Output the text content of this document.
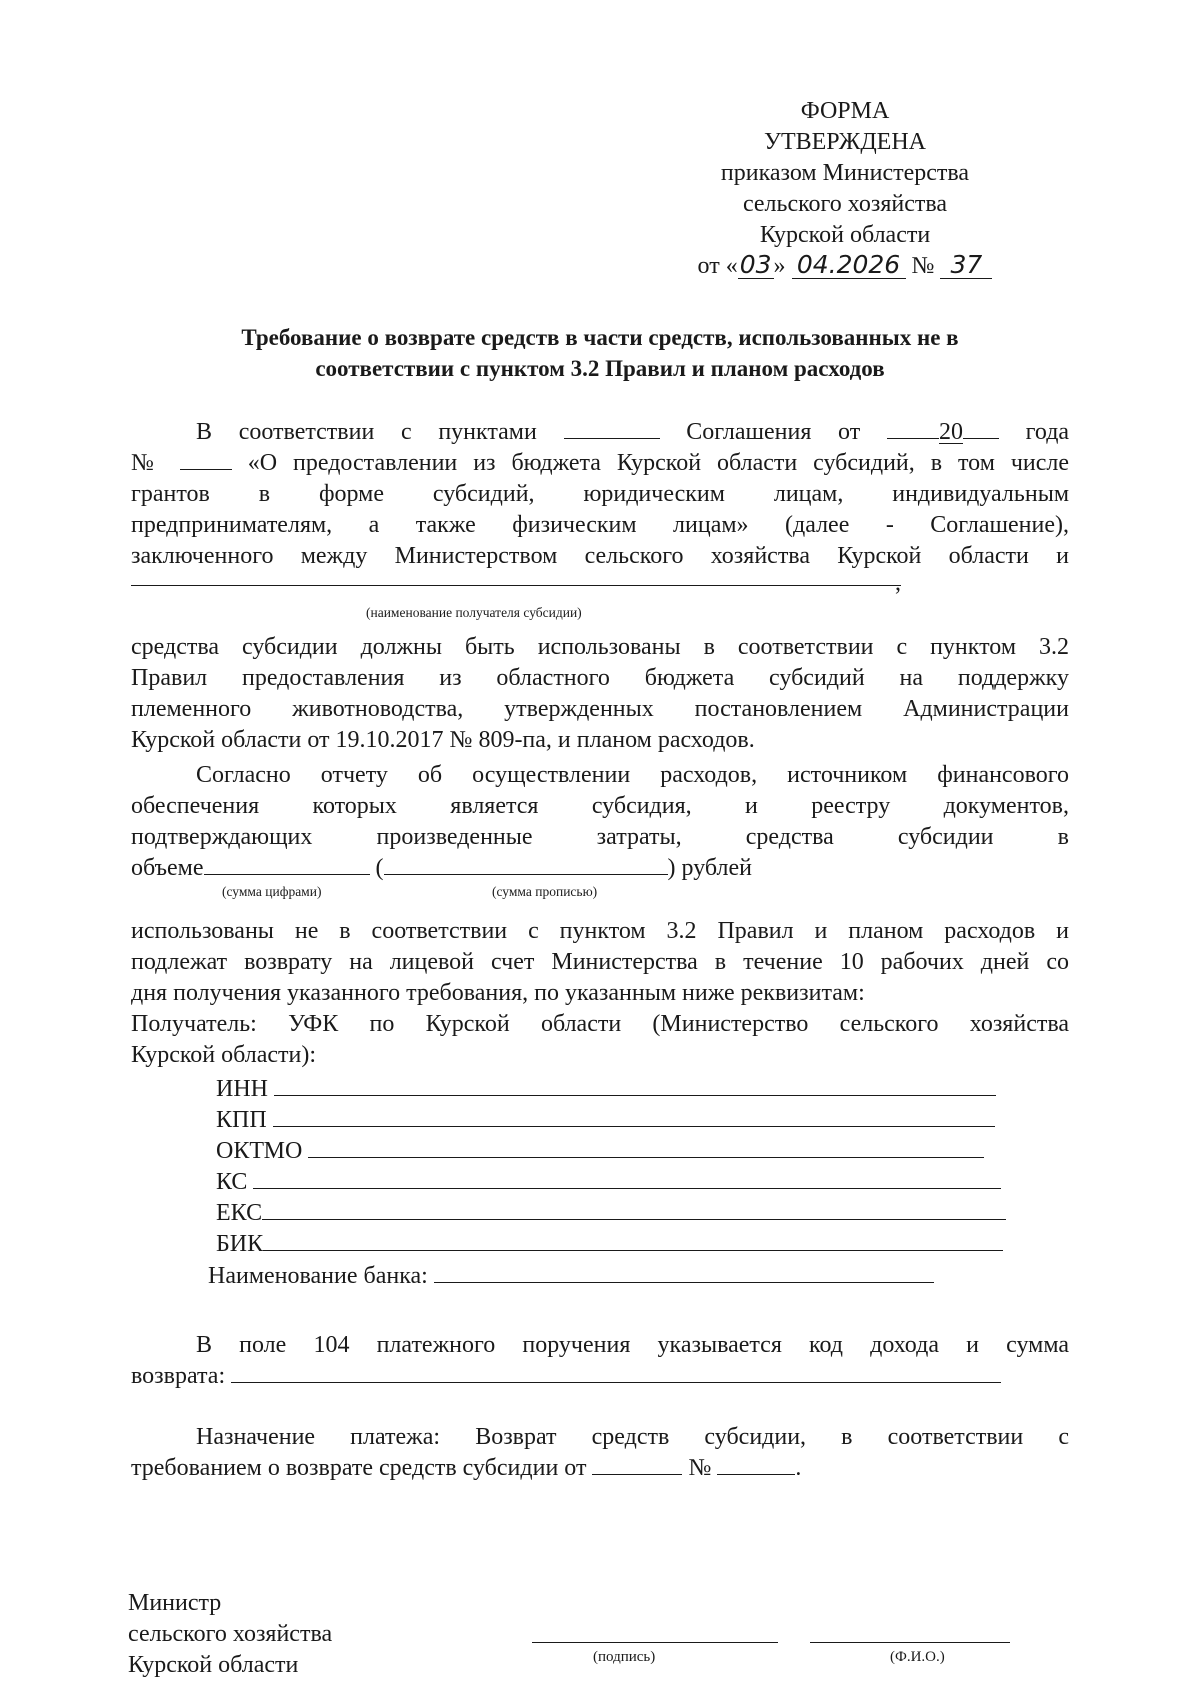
ФОРМА
УТВЕРЖДЕНА
приказом Министерства
сельского хозяйства
Курской области
от «03» 04.2026 № 37
Требование о возврате средств в части средств, использованных не в
соответствии с пунктом 3.2 Правил и планом расходов
В соответствии с пунктами	Соглашения от	20	года
№	«О предоставлении из бюджета Курской области субсидий, в том числе
грантов в форме субсидий, юридическим лицам, индивидуальным
предпринимателям, а также физическим лицам» (далее - Соглашение),
заключенного между Министерством сельского хозяйства Курской области и
,
(наименование получателя субсидии)
средства субсидии должны быть использованы в соответствии с пунктом 3.2
Правил предоставления из областного бюджета субсидий на поддержку
племенного животноводства, утвержденных постановлением Администрации
Курской области от 19.10.2017 № 809-па, и планом расходов.
Согласно отчету об осуществлении расходов, источником финансового
обеспечения которых является субсидия, и реестру документов,
подтверждающих произведенные затраты, средства субсидии в
объеме	(	) рублей
(сумма цифрами)	(сумма прописью)
использованы не в соответствии с пунктом 3.2 Правил и планом расходов и
подлежат возврату на лицевой счет Министерства в течение 10 рабочих дней со
дня получения указанного требования, по указанным ниже реквизитам:
Получатель: УФК по Курской области (Министерство сельского хозяйства
Курской области):
ИНН
КПП
ОКТМО
КС
ЕКС
БИК
Наименование банка:
В поле 104 платежного поручения указывается код дохода и сумма
возврата:
Назначение платежа: Возврат средств субсидии, в соответствии с
требованием о возврате средств субсидии от	№	.
Министр
сельского хозяйства
Курской области	(подпись)	(Ф.И.О.)
